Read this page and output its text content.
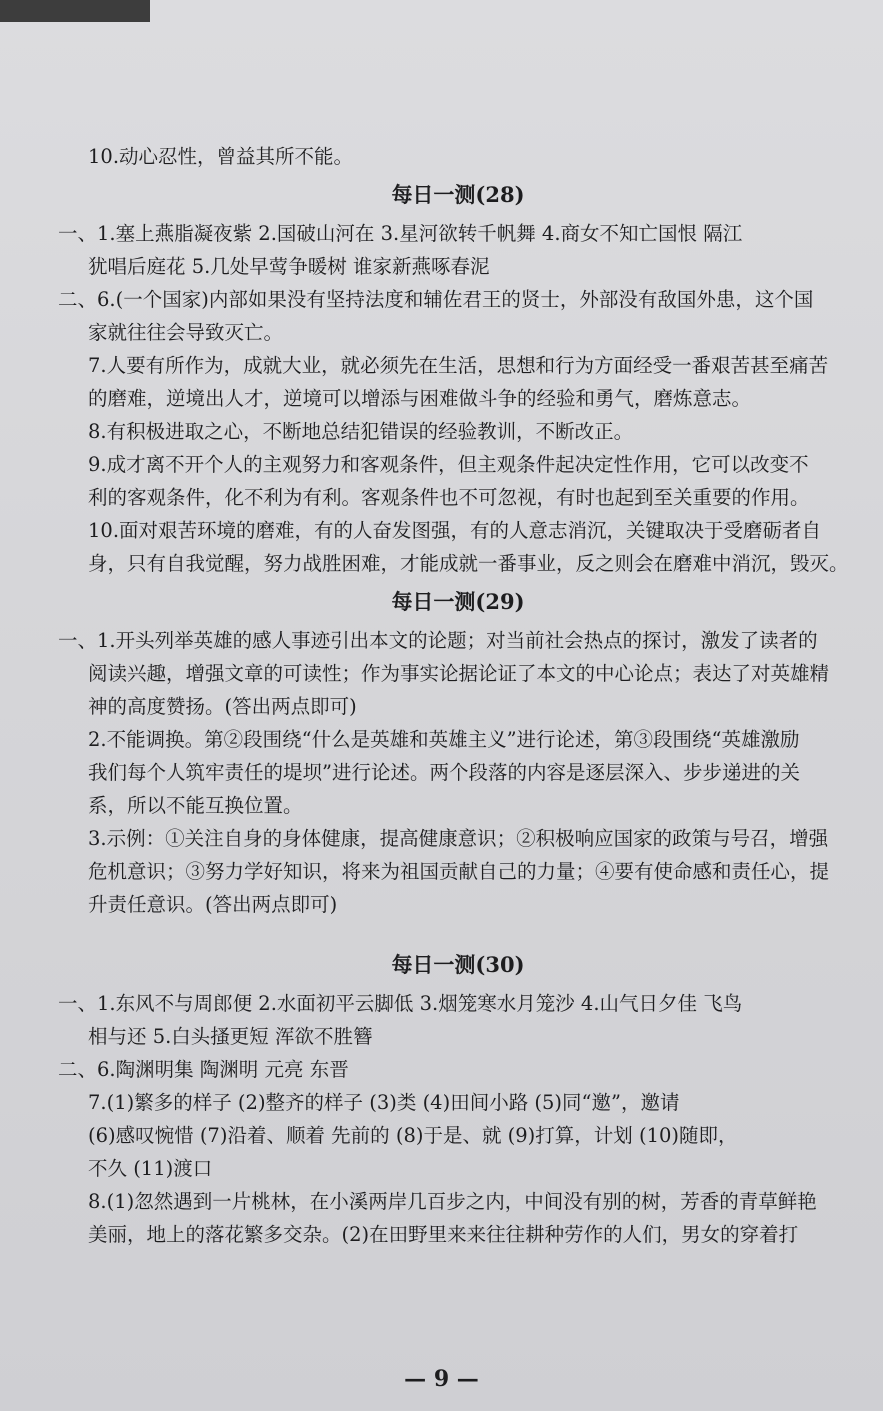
10.动心忍性，曾益其所不能。
每日一测(28)
一、1.塞上燕脂凝夜紫 2.国破山河在 3.星河欲转千帆舞 4.商女不知亡国恨 隔江
犹唱后庭花 5.几处早莺争暖树 谁家新燕啄春泥
二、6.(一个国家)内部如果没有坚持法度和辅佐君王的贤士，外部没有敌国外患，这个国
家就往往会导致灭亡。
7.人要有所作为，成就大业，就必须先在生活，思想和行为方面经受一番艰苦甚至痛苦
的磨难，逆境出人才，逆境可以增添与困难做斗争的经验和勇气，磨炼意志。
8.有积极进取之心，不断地总结犯错误的经验教训，不断改正。
9.成才离不开个人的主观努力和客观条件，但主观条件起决定性作用，它可以改变不
利的客观条件，化不利为有利。客观条件也不可忽视，有时也起到至关重要的作用。
10.面对艰苦环境的磨难，有的人奋发图强，有的人意志消沉，关键取决于受磨砺者自
身，只有自我觉醒，努力战胜困难，才能成就一番事业，反之则会在磨难中消沉，毁灭。
每日一测(29)
一、1.开头列举英雄的感人事迹引出本文的论题；对当前社会热点的探讨，激发了读者的
阅读兴趣，增强文章的可读性；作为事实论据论证了本文的中心论点；表达了对英雄精
神的高度赞扬。(答出两点即可)
2.不能调换。第②段围绕“什么是英雄和英雄主义”进行论述，第③段围绕“英雄激励
我们每个人筑牢责任的堤坝”进行论述。两个段落的内容是逐层深入、步步递进的关
系，所以不能互换位置。
3.示例：①关注自身的身体健康，提高健康意识；②积极响应国家的政策与号召，增强
危机意识；③努力学好知识，将来为祖国贡献自己的力量；④要有使命感和责任心，提
升责任意识。(答出两点即可)
每日一测(30)
一、1.东风不与周郎便 2.水面初平云脚低 3.烟笼寒水月笼沙 4.山气日夕佳 飞鸟
相与还 5.白头搔更短 浑欲不胜簪
二、6.陶渊明集 陶渊明 元亮 东晋
7.(1)繁多的样子 (2)整齐的样子 (3)类 (4)田间小路 (5)同“邀”，邀请
(6)感叹惋惜 (7)沿着、顺着 先前的 (8)于是、就 (9)打算，计划 (10)随即，
不久 (11)渡口
8.(1)忽然遇到一片桃林，在小溪两岸几百步之内，中间没有别的树，芳香的青草鲜艳
美丽，地上的落花繁多交杂。(2)在田野里来来往往耕种劳作的人们，男女的穿着打
— 9 —
